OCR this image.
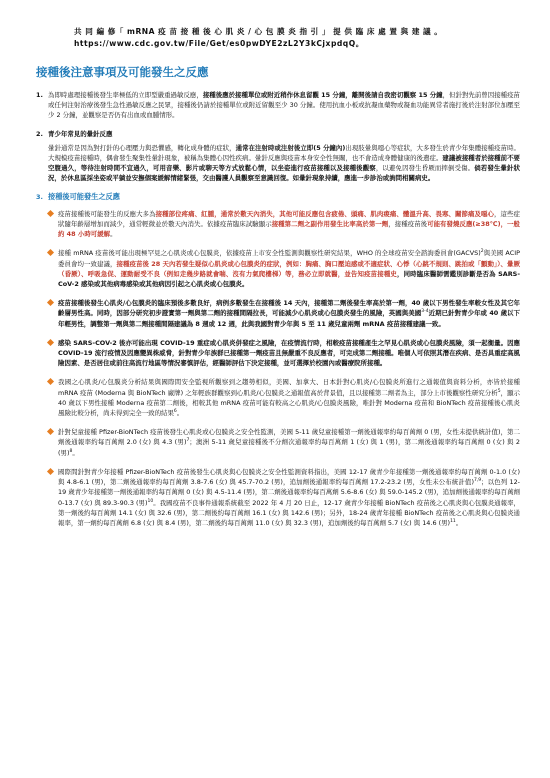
共 同 編 修「 mRNA 疫 苗 接 種 後 心 肌 炎 / 心 包 膜 炎 指 引 」 提 供 臨 床 處 置 與 建 議 。
https://www.cdc.gov.tw/File/Get/es0pwDYE2zL2Y3kCjxpdqQ。
接種後注意事項及可能發生之反應
1. 為即時處理接種後發生率極低的立即型嚴重過敏反應，接種後應於接種單位或附近稍作休息留觀 15 分鐘，離開後請自我密切觀察 15 分鐘，但針對先前曾因接種疫苗或任何注射治療後發生急性過敏反應之民眾，接種後仍請於接種單位或附近留觀至少 30 分鐘。使用抗血小板或抗凝血藥物或凝血功能異常者施打後於注射部位加壓至少 2 分鐘，並觀察是否仍有出血或血腫情形。
2. 青少年常見的暈針反應
暈針通常是因為對打針的心理壓力與恐懼感，轉化成身體的症狀，通常在注射時或注射後立即(5 分鐘內)出現肢暈與噁心等症狀，大多發生於青少年集體接種疫苗時。大規模疫苗接種時，偶會發生聚集性暈針現象，被稱為集體心因性疾病。暈針反應與疫苗本身安全性無關，也不會造成身體健康的後遺症。建議被接種者於接種前不要空腹過久，等待注射時間不宜過久，可用音樂、影片或聊天等方式放鬆心情，以坐姿進行疫苗接種以及接種後觀察，以避免因發生昏厥而摔倒受傷。倘若發生暈針狀況，於休息區採坐姿或平躺並安撫個案緩解情緒緊張，交由醫護人員觀察至意識回復。如暈針現象持續，應進一步診治或詢問相關病史。
3. 接種後可能發生之反應
疫苗接種後可能發生的反應大多為接種部位疼痛、紅腫，通常於數天內消失，其他可能反應包含疲倦、頭痛、肌肉痠痛、體溫升高、畏寒、關節痛及噁心，這些症狀隨年齡層增加而減少，通常輕微並於數天內消失。依據疫苗臨床試驗顯示接種第二劑之副作用發生比率高於第一劑，接種疫苗後可能有發燒反應(≥38℃)，一般約 48 小時可緩解。
接種 mRNA 疫苗後可能出現極罕見之心肌炎或心包膜炎，依據疫苗上市安全性監測與觀察性研究結果，WHO 的全球疫苗安全諮詢委員會(GACVS)$^2$與美國 ACIP 委員會均一致建議，接種疫苗後 28 天內若發生疑似心肌炎或心包膜炎的症狀，例如：胸痛、胸口壓迫感或不適症狀、心悸（心跳不規則、跳拍或「顫動」）、暈厥（昏厥）、呼吸急促、運動耐受不良（例如走幾步路就會喘、沒有力氣爬樓梯）等，務必立即就醫，並告知疫苗接種史，同時臨床醫師需鑑別診斷是否為 SARS-CoV-2 感染或其他病毒感染或其他病因引起之心肌炎或心包膜炎。
疫苗接種後發生心肌炎/心包膜炎的臨床預後多數良好，病例多數發生在接種後 14 天內，接種第二劑後發生率高於第一劑，40 歲以下男性發生率較女性及其它年齡層男性高。同時，因部分研究初步證實第一劑與第二劑的接種間隔拉長，可能減少心肌炎或心包膜炎發生的風險，英國與美國$^{3-4}$近期已針對青少年或 40 歲以下年輕男性，調整第一劑與第二劑接種間隔建議為 8 週或 12 週，此與我國對青少年與 5 至 11 歲兒童兩劑 mRNA 疫苗接種建議一致。
感染 SARS-COV-2 後亦可能出現 COVID-19 重症或心肌炎併發症之風險，在疫情流行時，相較疫苗接種產生之罕見心肌炎或心包膜炎風險，須一起衡量。因應 COVID-19 流行疫情及因應變異株威脅，針對青少年族群已接種第一劑疫苗且無嚴重不良反應者，可完成第二劑接種。唯個人可依照其潛在疾病、是否具重症高風險因素、是否居住或前往高流行地區等情況審慎評估，經醫師評估下決定接種，並可選擇於校園內或醫療院所接種。
我國之心肌炎/心包膜炎分析結果與國際間安全監視所觀察到之趨勢相似，美國、加拿大、日本針對心肌炎/心包膜炎所進行之通報值與資料分析，亦皆於接種 mRNA 疫苗 (Moderna 與 BioNTech 廠牌) 之年輕族群觀察到心肌炎/心包膜炎之通報值高於背景值，且以接種第二劑者為主，部分上市後觀察性研究分析$^5$，顯示 40 歲以下男性接種 Moderna 疫苗第二劑後，相較其他 mRNA 疫苗可能有較高之心肌炎/心包膜炎風險，唯針對 Moderna 疫苗和 BioNTech 疫苗接種後心肌炎風險比較分析，尚未得到完全一致的結果$^6$。
針對兒童接種 Pfizer-BioNTech 疫苗後發生心肌炎或心包膜炎之安全性監測，美國 5-11 歲兒童接種第一劑後通報率約每百萬劑 0 (男，女性未提供統計值)，第二劑後通報率約每百萬劑 2.0 (女) 與 4.3 (男)$^7$；澳洲 5-11 歲兒童接種後不分劑次通報率約每百萬劑 1 (女) 與 1 (男)，第二劑後通報率約每百萬劑 0 (女) 與 2 (男)$^8$。
國際間針對青少年接種 Pfizer-BioNTech 疫苗後發生心肌炎與心包膜炎之安全性監測資料指出，美國 12-17 歲青少年接種第一劑後通報率約每百萬劑 0-1.0 (女) 與 4.8-6.1 (男)，第二劑後通報率約每百萬劑 3.8-7.6 (女) 與 45.7-70.2 (男)，追加劑後通報率約每百萬劑 17.2-23.2 (男，女性未公布統計值)$^{7,9}$；以色列 12-19 歲青少年接種第一劑後通報率約每百萬劑 0 (女) 與 4.5-11.4 (男)，第二劑後通報率約每百萬劑 5.6-8.6 (女) 與 59.0-145.2 (男)，追加劑後通報率約每百萬劑 0-13.7 (女) 與 89.3-90.3 (男)$^{10}$。我國疫苗不良事件通報系統截至 2022 年 4 月 20 日止，12-17 歲青少年接種 BioNTech 疫苗後之心肌炎與心包膜炎通報率，第一劑後約每百萬劑 14.1 (女) 與 32.6 (男)，第二劑後約每百萬劑 16.1 (女) 與 142.6 (男)；另外，18-24 歲青年接種 BioNTech 疫苗後之心肌炎與心包膜炎通報率，第一劑約每百萬劑 6.8 (女) 與 8.4 (男)，第二劑後約每百萬劑 11.0 (女) 與 32.3 (男)，追加劑後約每百萬劑 5.7 (女) 與 14.6 (男)$^{11}$。
